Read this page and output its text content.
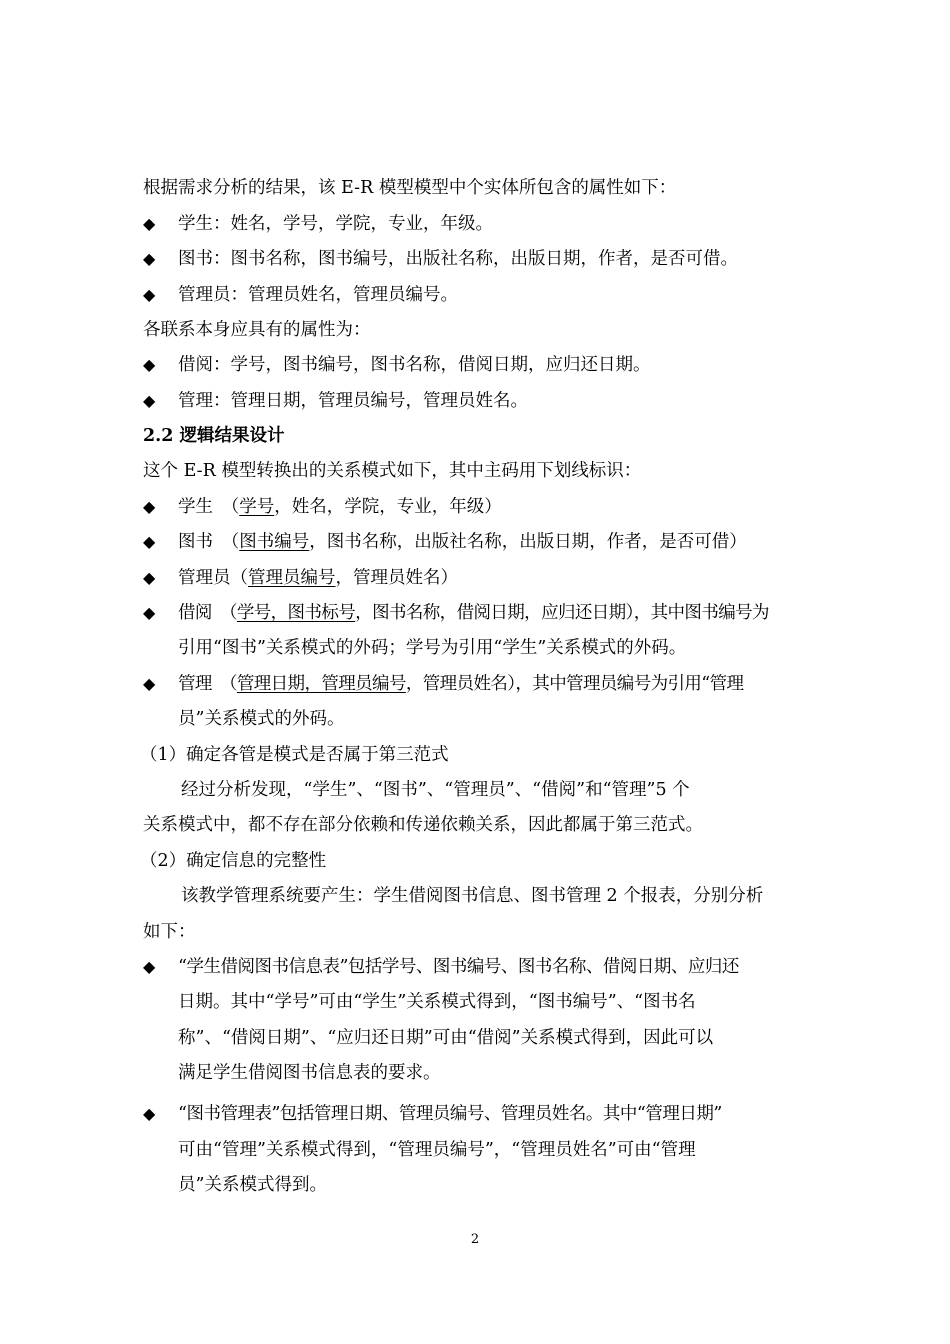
根据需求分析的结果，该 E-R 模型模型中个实体所包含的属性如下：
◆	学生：姓名，学号，学院，专业，年级。
◆	图书：图书名称，图书编号，出版社名称，出版日期，作者，是否可借。
◆	管理员：管理员姓名，管理员编号。
各联系本身应具有的属性为：
◆	借阅：学号，图书编号，图书名称，借阅日期，应归还日期。
◆	管理：管理日期，管理员编号，管理员姓名。
2.2 逻辑结果设计
这个 E-R 模型转换出的关系模式如下，其中主码用下划线标识：
◆	学生　（学号，姓名，学院，专业，年级）
◆	图书　（图书编号，图书名称，出版社名称，出版日期，作者，是否可借）
◆	管理员（管理员编号，管理员姓名）
◆	借阅　（学号，图书标号，图书名称，借阅日期，应归还日期），其中图书编号为
引用“图书”关系模式的外码；学号为引用“学生”关系模式的外码。
◆	管理　（管理日期，管理员编号，管理员姓名），其中管理员编号为引用“管理
员”关系模式的外码。
（1）确定各管是模式是否属于第三范式
经过分析发现，“学生”、“图书”、“管理员”、“借阅”和“管理”5 个
关系模式中，都不存在部分依赖和传递依赖关系，因此都属于第三范式。
（2）确定信息的完整性
该教学管理系统要产生：学生借阅图书信息、图书管理 2 个报表，分别分析
如下：
◆	“学生借阅图书信息表”包括学号、图书编号、图书名称、借阅日期、应归还
日期。其中“学号”可由“学生”关系模式得到，“图书编号”、“图书名
称”、“借阅日期”、“应归还日期”可由“借阅”关系模式得到，因此可以
满足学生借阅图书信息表的要求。
◆	“图书管理表”包括管理日期、管理员编号、管理员姓名。其中“管理日期”
可由“管理”关系模式得到，“管理员编号”，“管理员姓名”可由“管理
员”关系模式得到。
2
